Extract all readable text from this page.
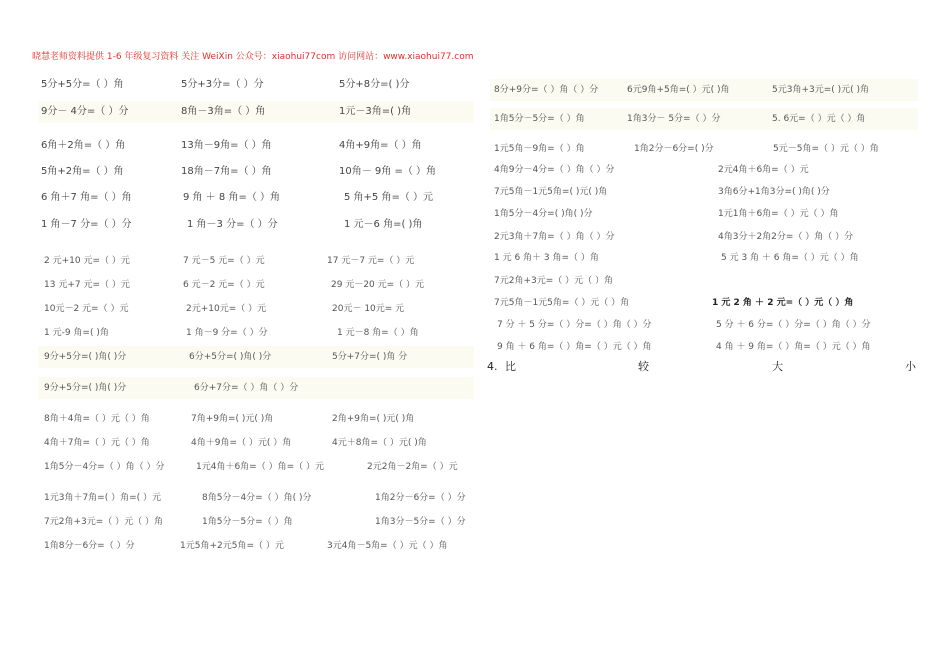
晓慧老师资料提供 1-6 年级复习资料 关注 WeiXin 公众号：xiaohui77com 访问网站：www.xiaohui77.com
5分+5分=（ ）角	5分+3分=（ ）分	5分+8分=( )分
9分－ 4分=（ ）分	8角－3角=（ ）角	1元－3角=( )角
6角＋2角=（ ）角	13角－9角=（ ）角	4角+9角=（ ）角
5角+2角=（ ）角	18角－7角=（ ）角	10角－ 9角 =（ ）角
6 角＋7 角=（ ）角	9 角 ＋ 8 角=（ ）角	5 角+5 角=（ ）元
1 角－7 分=（ ）分	1 角－3 分=（ ）分	1 元－6 角=( )角
2 元+10 元=（ ）元	7 元－5 元=（ ）元	17 元－7 元=（ ）元
13 元+7 元=（ ）元	6 元－2 元=（ ）元	29 元－20 元=（ ）元
10元－2 元=（ ）元	2元+10元=（ ）元	20元－ 10元= 元
1 元-9 角=( )角	1 角－9 分=（ ）分	1 元－8 角=（ ）角
9分+5分=( )角( )分	6分+5分=( )角( )分	5分+7分=( )角 分
9分+5分=( )角( )分	6分+7分=（ ）角（ ）分
8角＋4角=（ ）元（ ）角	7角+9角=( )元( )角	2角+9角=( )元( )角
4角＋7角=（ ）元（ ）角	4角＋9角=（ ）元( ）角	4元＋8角=（ ）元( )角
1角5分－4分=（ ）角（ ）分	1元4角＋6角=（ ）角=（ ）元	2元2角－2角=（ ）元
1元3角＋7角=( ）角=( ）元	8角5分－4分=（ ）角( )分	1角2分－6分=（ ）分
7元2角+3元=（ ）元（ ）角	1角5分－5分=（ ）角	1角3分－5分=（ ）分
1角8分－6分=（ ）分	1元5角+2元5角=（ ）元	3元4角－5角=（ ）元（ ）角
8分+9分=（ ）角（ ）分	6元9角+5角=( ）元( )角	5元3角+3元=( )元( )角
1角5分－5分=（ ）角	1角3分－ 5分=（ ）分	5. 6元=（ ）元（ ）角
1元5角－9角=（ ）角	1角2分－6分=( )分	5元－5角=（ ）元（ ）角
4角9分－4分=（ ）角（ ）分	2元4角＋6角=（ ）元
7元5角－1元5角=( )元( )角	3角6分+1角3分=( )角( )分
1角5分－4分=( )角( )分	1元1角＋6角=（ ）元（ ）角
2元3角＋7角=（ ）角（ ）分	4角3分＋2角2分=（ ）角（ ）分
1 元 6 角＋ 3 角=（ ）角	5 元 3 角 ＋ 6 角=（ ）元（ ）角
7元2角+3元=（ ）元（ ）角
7元5角－1元5角=（ ）元（ ）角	1 元 2 角 ＋ 2 元=（ ）元（ ）角
7 分 ＋ 5 分=（ ）分=（ ）角（ ）分	5 分 ＋ 6 分=（ ）分=（ ）角（ ）分
9 角 ＋ 6 角=（ ）角=（ ）元（ ）角	4 角 ＋ 9 角=（ ）角=（ ）元（ ）角
4. 比	较	大	小
